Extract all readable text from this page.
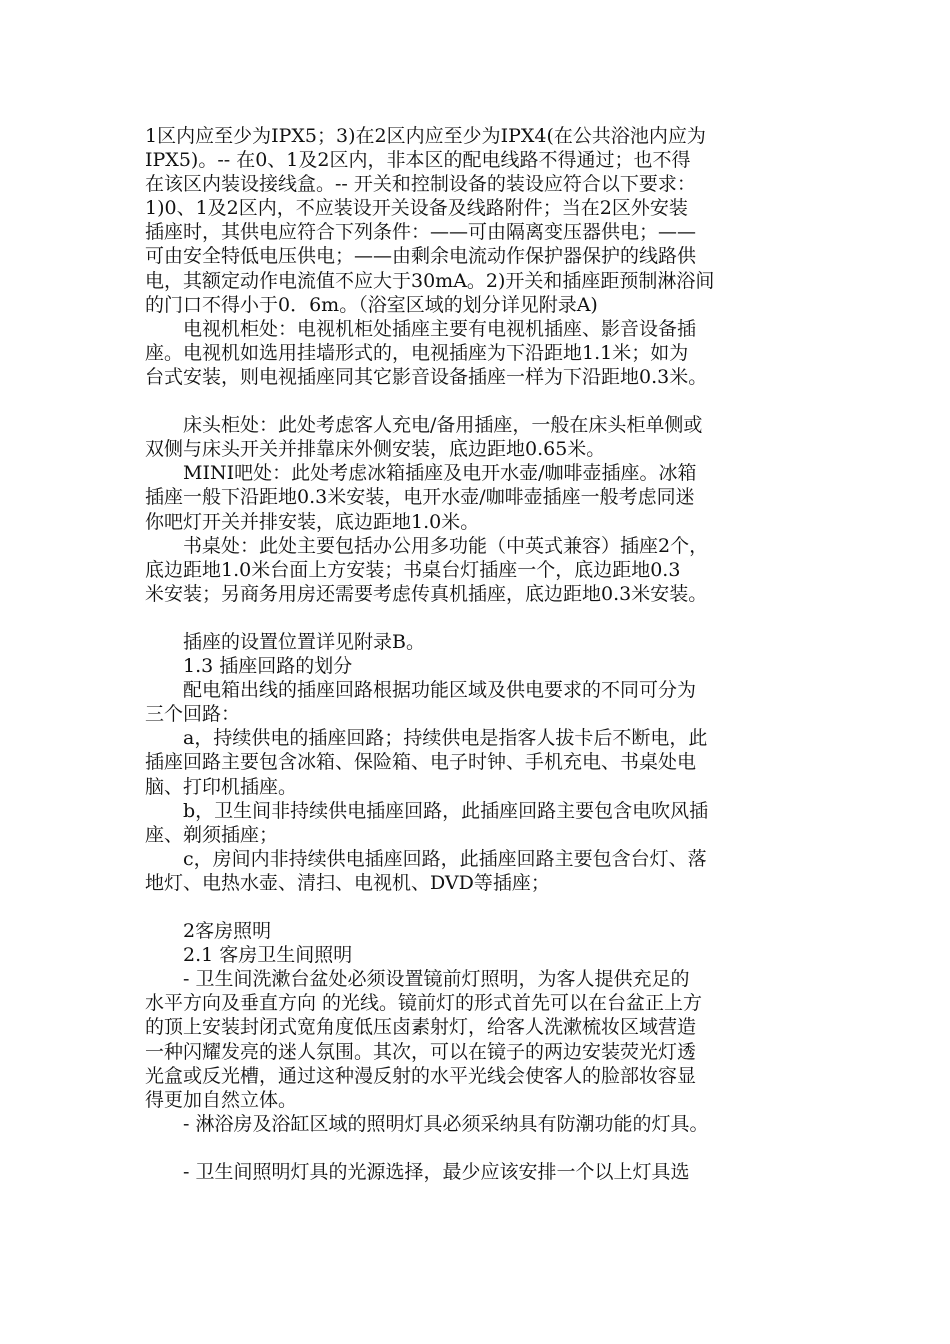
1区内应至少为IPX5；3)在2区内应至少为IPX4(在公共浴池内应为
IPX5)。-- 在0、1及2区内，非本区的配电线路不得通过；也不得
在该区内装设接线盒。-- 开关和控制设备的装设应符合以下要求：
1)0、1及2区内，不应装设开关设备及线路附件；当在2区外安装
插座时，其供电应符合下列条件：——可由隔离变压器供电；——
可由安全特低电压供电；——由剩余电流动作保护器保护的线路供
电，其额定动作电流值不应大于30mA。2)开关和插座距预制淋浴间
的门口不得小于0．6m。（浴室区域的划分详见附录A)
　　电视机柜处：电视机柜处插座主要有电视机插座、影音设备插
座。电视机如选用挂墙形式的，电视插座为下沿距地1.1米；如为
台式安装，则电视插座同其它影音设备插座一样为下沿距地0.3米。
　　床头柜处：此处考虑客人充电/备用插座，一般在床头柜单侧或
双侧与床头开关并排靠床外侧安装，底边距地0.65米。
　　MINI吧处：此处考虑冰箱插座及电开水壶/咖啡壶插座。冰箱
插座一般下沿距地0.3米安装，电开水壶/咖啡壶插座一般考虑同迷
你吧灯开关并排安装，底边距地1.0米。
　　书桌处：此处主要包括办公用多功能（中英式兼容）插座2个，
底边距地1.0米台面上方安装；书桌台灯插座一个，底边距地0.3
米安装；另商务用房还需要考虑传真机插座，底边距地0.3米安装。
　　插座的设置位置详见附录B。
　　1.3 插座回路的划分
　　配电箱出线的插座回路根据功能区域及供电要求的不同可分为
三个回路：
　　a，持续供电的插座回路；持续供电是指客人拔卡后不断电，此
插座回路主要包含冰箱、保险箱、电子时钟、手机充电、书桌处电
脑、打印机插座。
　　b，卫生间非持续供电插座回路，此插座回路主要包含电吹风插
座、剃须插座；
　　c，房间内非持续供电插座回路，此插座回路主要包含台灯、落
地灯、电热水壶、清扫、电视机、DVD等插座；
　　2客房照明
　　2.1 客房卫生间照明
　　- 卫生间洗漱台盆处必须设置镜前灯照明，为客人提供充足的
水平方向及垂直方向 的光线。镜前灯的形式首先可以在台盆正上方
的顶上安装封闭式宽角度低压卤素射灯，给客人洗漱梳妆区域营造
一种闪耀发亮的迷人氛围。其次，可以在镜子的两边安装荧光灯透
光盒或反光槽，通过这种漫反射的水平光线会使客人的脸部妆容显
得更加自然立体。
　　- 淋浴房及浴缸区域的照明灯具必须采纳具有防潮功能的灯具。
　　- 卫生间照明灯具的光源选择，最少应该安排一个以上灯具选
